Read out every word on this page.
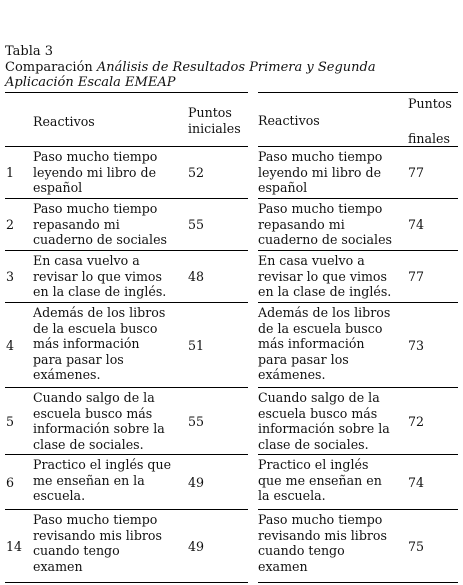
Tabla 3
Comparación Análisis de Resultados Primera y Segunda
Aplicación Escala EMEAP
Reactivos
Puntos
iniciales
Reactivos
Puntos
finales
1
Paso mucho tiempo
leyendo mi libro de
español
52
Paso mucho tiempo
leyendo mi libro de
español
77
2
Paso mucho tiempo
repasando mi
cuaderno de sociales
55
Paso mucho tiempo
repasando mi
cuaderno de sociales
74
3
En casa vuelvo a
revisar lo que vimos
en la clase de inglés.
48
En casa vuelvo a
revisar lo que vimos
en la clase de inglés.
77
4
Además de los libros
de la escuela busco
más información
para pasar los
exámenes.
51
Además de los libros
de la escuela busco
más información
para pasar los
exámenes.
73
5
Cuando salgo de la
escuela busco más
información sobre la
clase de sociales.
55
Cuando salgo de la
escuela busco más
información sobre la
clase de sociales.
72
6
Practico el inglés que
me enseñan en la
escuela.
49
Practico el inglés
que me enseñan en
la escuela.
74
14
Paso mucho tiempo
revisando mis libros
cuando tengo
examen
49
Paso mucho tiempo
revisando mis libros
cuando tengo
examen
75
